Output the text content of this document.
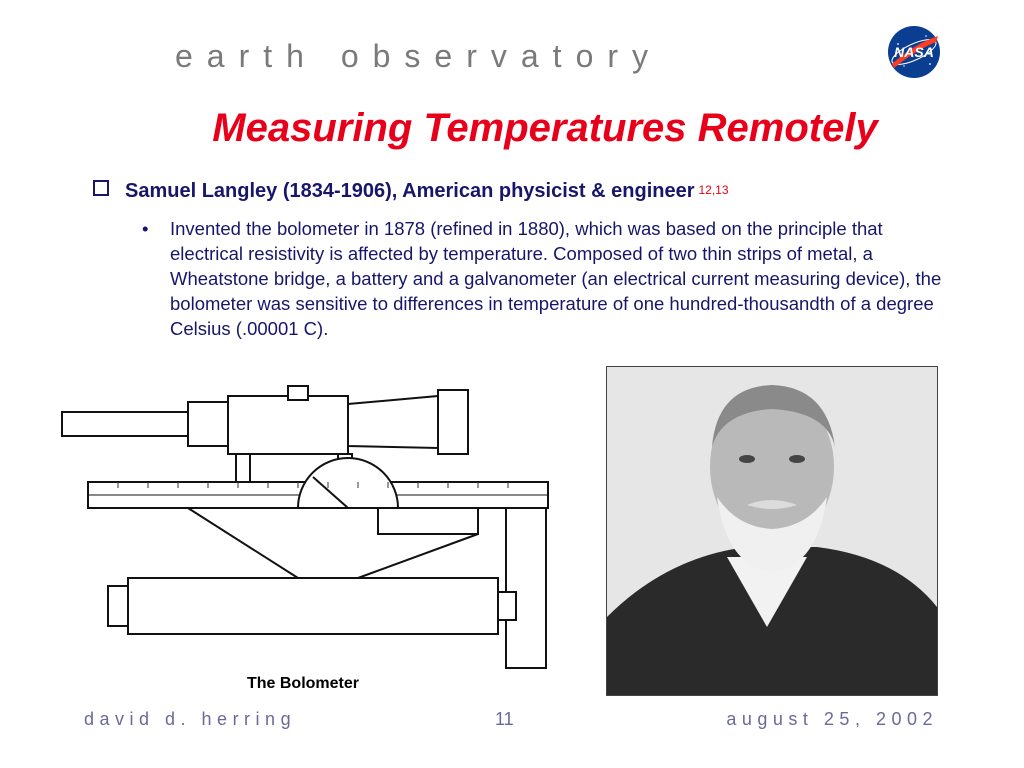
earth observatory	NASA
Measuring Temperatures Remotely
Samuel Langley (1834-1906), American physicist & engineer 12,13
• Invented the bolometer in 1878 (refined in 1880), which was based on the principle that electrical resistivity is affected by temperature. Composed of two thin strips of metal, a Wheatstone bridge, a battery and a galvanometer (an electrical current measuring device), the bolometer was sensitive to differences in temperature of one hundred-thousandth of a degree Celsius (.00001 C).
The Bolometer
david d. herring	11	august 25, 2002
